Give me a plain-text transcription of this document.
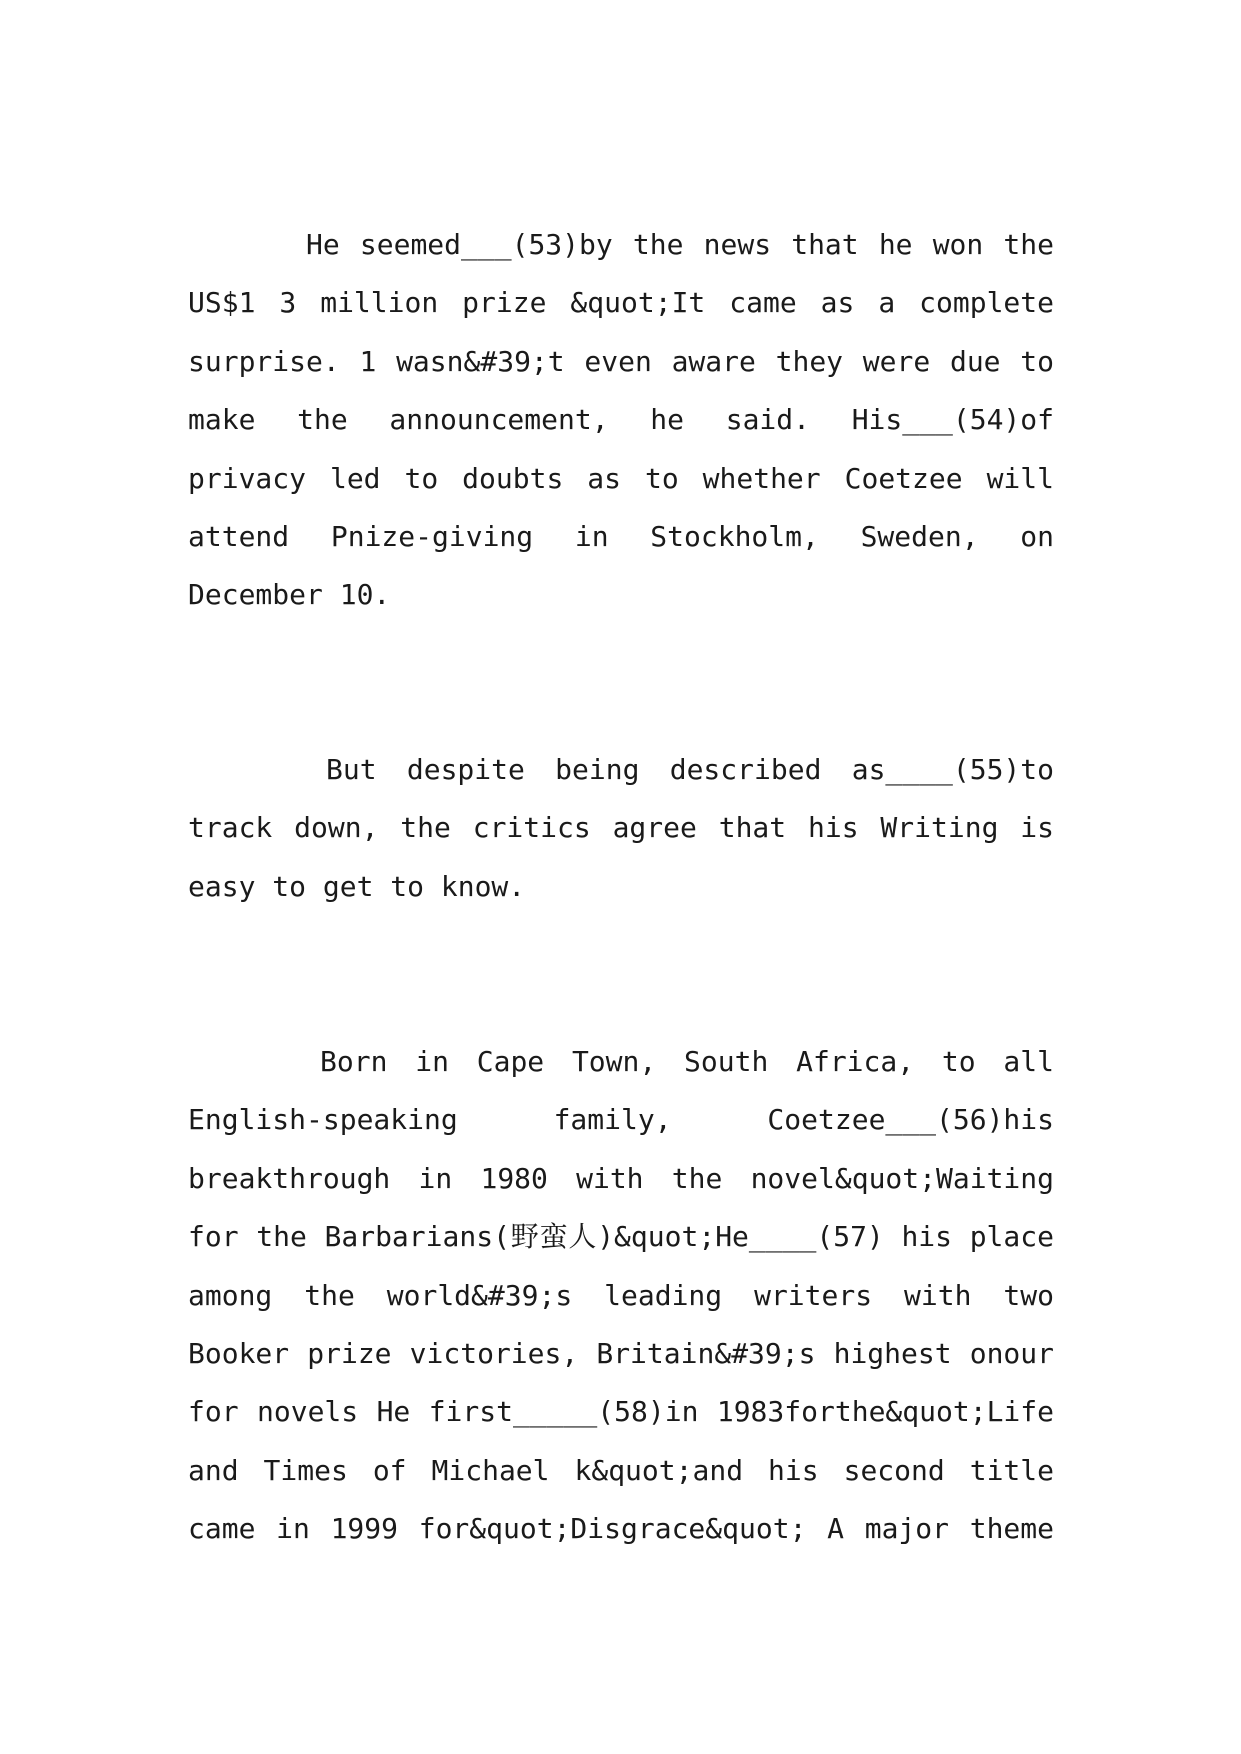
He seemed___(53)by the news that he won the
US$1 3 million prize &quot;It came as a complete
surprise. 1 wasn&#39;t even aware they were due to
make the announcement, he said. His___(54)of
privacy led to doubts as to whether Coetzee will
attend Pnize-giving in Stockholm, Sweden, on
December 10.
But despite being described as____(55)to
track down, the critics agree that his Writing is
easy to get to know.
Born in Cape Town, South Africa, to all
English-speaking family, Coetzee___(56)his
breakthrough in 1980 with the novel&quot;Waiting
for the Barbarians(野蛮人)&quot;He____(57) his place
among the world&#39;s leading writers with two
Booker prize victories, Britain&#39;s highest onour
for novels He first_____(58)in 1983forthe&quot;Life
and Times of Michael k&quot;and his second title
came in 1999 for&quot;Disgrace&quot; A major theme
